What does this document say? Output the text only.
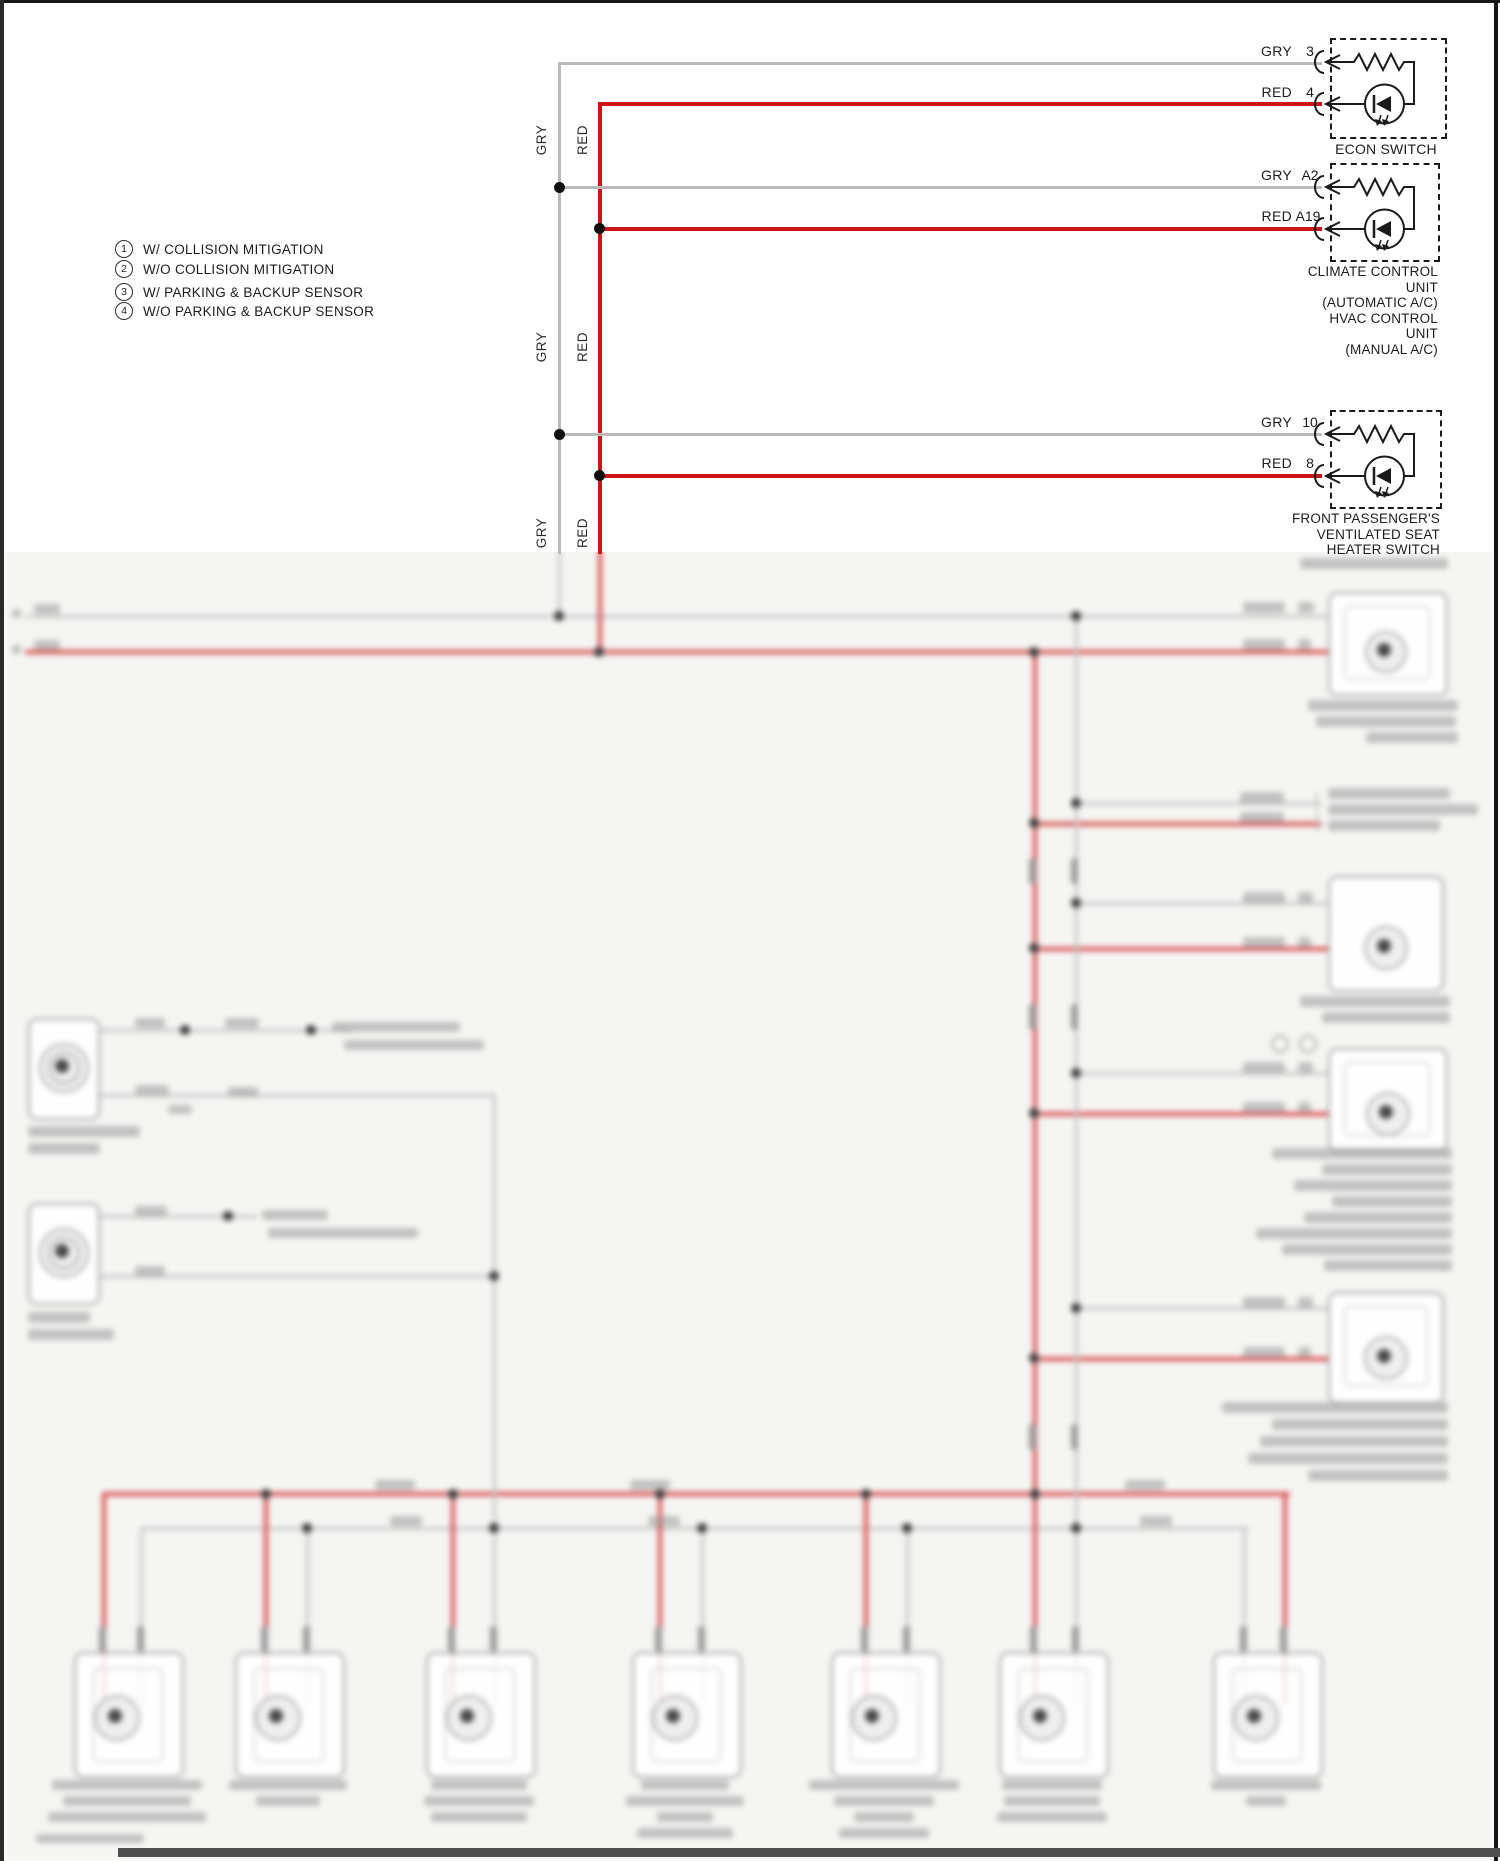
1	W/ COLLISION MITIGATION
2	W/O COLLISION MITIGATION
3	W/ PARKING & BACKUP SENSOR
4	W/O PARKING & BACKUP SENSOR
GRY RED
GRY RED
GRY RED
GRY	3
RED	4
ECON SWITCH
GRY A2
RED A19
CLIMATE CONTROL
UNIT
(AUTOMATIC A/C)
HVAC CONTROL
UNIT
(MANUAL A/C)
GRY 10
RED	8
FRONT PASSENGER'S
VENTILATED SEAT
HEATER SWITCH
